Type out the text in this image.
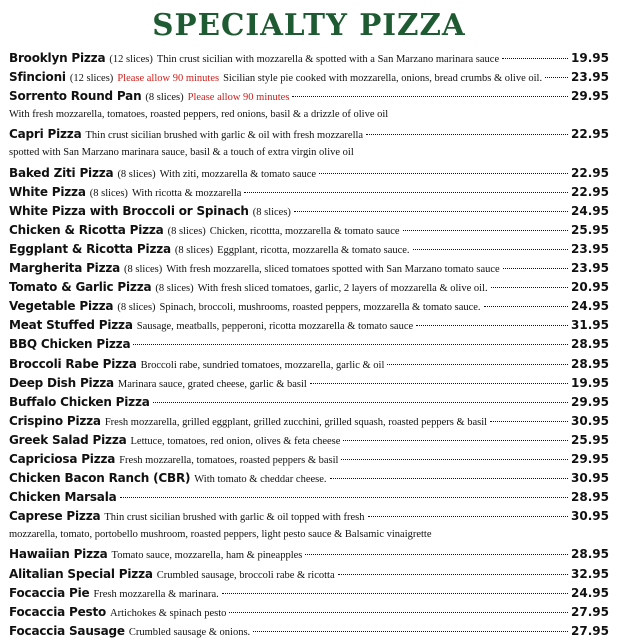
SPECIALTY PIZZA
Brooklyn Pizza (12 slices) Thin crust sicilian with mozzarella & spotted with a San Marzano marinara sauce	19.95
Sfincioni (12 slices) Please allow 90 minutes Sicilian style pie cooked with mozzarella, onions, bread crumbs & olive oil. 23.95
Sorrento Round Pan (8 slices) Please allow 90 minutes	29.95
With fresh mozzarella, tomatoes, roasted peppers, red onions, basil & a drizzle of olive oil
Capri Pizza Thin crust sicilian brushed with garlic & oil with fresh mozzarella	22.95
spotted with San Marzano marinara sauce, basil & a touch of extra virgin olive oil
Baked Ziti Pizza (8 slices) With ziti, mozzarella & tomato sauce	22.95
White Pizza (8 slices) With ricotta & mozzarella	22.95
White Pizza with Broccoli or Spinach (8 slices)	24.95
Chicken & Ricotta Pizza (8 slices) Chicken, ricottta, mozzarella & tomato sauce	25.95
Eggplant & Ricotta Pizza (8 slices) Eggplant, ricotta, mozzarella & tomato sauce.	23.95
Margherita Pizza (8 slices) With fresh mozzarella, sliced tomatoes spotted with San Marzano tomato sauce	23.95
Tomato & Garlic Pizza (8 slices) With fresh sliced tomatoes, garlic, 2 layers of mozzarella & olive oil.	20.95
Vegetable Pizza (8 slices) Spinach, broccoli, mushrooms, roasted peppers, mozzarella & tomato sauce.	24.95
Meat Stuffed Pizza Sausage, meatballs, pepperoni, ricotta mozzarella & tomato sauce	31.95
BBQ Chicken Pizza	28.95
Broccoli Rabe Pizza Broccoli rabe, sundried tomatoes, mozzarella, garlic & oil	28.95
Deep Dish Pizza Marinara sauce, grated cheese, garlic & basil	19.95
Buffalo Chicken Pizza	29.95
Crispino Pizza Fresh mozzarella, grilled eggplant, grilled zucchini, grilled squash, roasted peppers & basil	30.95
Greek Salad Pizza Lettuce, tomatoes, red onion, olives & feta cheese	25.95
Capriciosa Pizza Fresh mozzarella, tomatoes, roasted peppers & basil	29.95
Chicken Bacon Ranch (CBR) With tomato & cheddar cheese.	30.95
Chicken Marsala	28.95
Caprese Pizza Thin crust sicilian brushed with garlic & oil topped with fresh	30.95
mozzarella, tomato, portobello mushroom, roasted peppers, light pesto sauce & Balsamic vinaigrette
Hawaiian Pizza Tomato sauce, mozzarella, ham & pineapples	28.95
Alitalian Special Pizza Crumbled sausage, broccoli rabe & ricotta	32.95
Focaccia Pie Fresh mozzarella & marinara.	24.95
Focaccia Pesto Artichokes & spinach pesto	27.95
Focaccia Sausage Crumbled sausage & onions.	27.95
